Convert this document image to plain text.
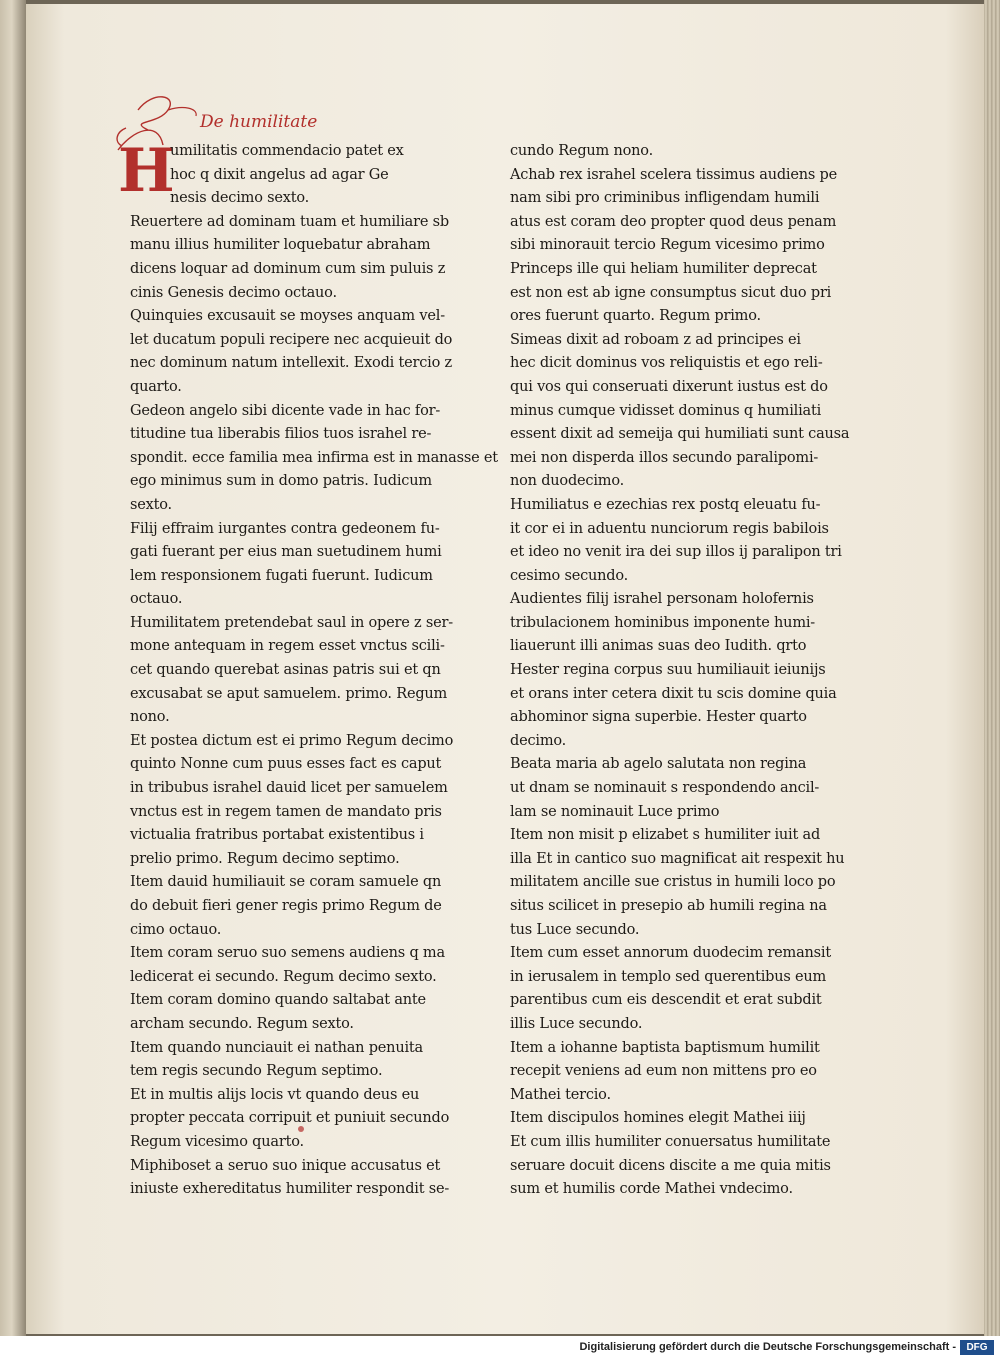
De humilitate

H
umilitatis commendacio patet ex
hoc q dixit angelus ad agar Ge
nesis decimo sexto.
Reuertere ad dominam tuam et humiliare sb
manu illius humiliter loquebatur abraham
dicens loquar ad dominum cum sim puluis z
cinis Genesis decimo octauo.
Quinquies excusauit se moyses anquam vel-
let ducatum populi recipere nec acquieuit do
nec dominum natum intellexit. Exodi tercio z
quarto.
Gedeon angelo sibi dicente vade in hac for-
titudine tua liberabis filios tuos israhel re-
spondit. ecce familia mea infirma est in manasse et
ego minimus sum in domo patris. Iudicum
sexto.
Filij effraim iurgantes contra gedeonem fu-
gati fuerant per eius man suetudinem humi
lem responsionem fugati fuerunt. Iudicum
octauo.
Humilitatem pretendebat saul in opere z ser-
mone antequam in regem esset vnctus scili-
cet quando querebat asinas patris sui et qn
excusabat se aput samuelem. primo. Regum
nono.
Et postea dictum est ei primo Regum decimo
quinto Nonne cum puus esses fact es caput
in tribubus israhel dauid licet per samuelem
vnctus est in regem tamen de mandato pris
victualia fratribus portabat existentibus i
prelio primo. Regum decimo septimo.
Item dauid humiliauit se coram samuele qn
do debuit fieri gener regis primo Regum de
cimo octauo.
Item coram seruo suo semens audiens q ma
ledicerat ei secundo. Regum decimo sexto.
Item coram domino quando saltabat ante
archam secundo. Regum sexto.
Item quando nunciauit ei nathan penuita
tem regis secundo Regum septimo.
Et in multis alijs locis vt quando deus eu
propter peccata corripuit et puniuit secundo
Regum vicesimo quarto.
Miphiboset a seruo suo inique accusatus et
iniuste exhereditatus humiliter respondit se-
cundo Regum nono.
Achab rex israhel scelera tissimus audiens pe
nam sibi pro criminibus infligendam humili
atus est coram deo propter quod deus penam
sibi minorauit tercio Regum vicesimo primo
Princeps ille qui heliam humiliter deprecat
est non est ab igne consumptus sicut duo pri
ores fuerunt quarto. Regum primo.
Simeas dixit ad roboam z ad principes ei
hec dicit dominus vos reliquistis et ego reli-
qui vos qui conseruati dixerunt iustus est do
minus cumque vidisset dominus q humiliati
essent dixit ad semeija qui humiliati sunt causa
mei non disperda illos secundo paralipomi-
non duodecimo.
Humiliatus e ezechias rex postq eleuatu fu-
it cor ei in aduentu nunciorum regis babilois
et ideo no venit ira dei sup illos ij paralipon tri
cesimo secundo.
Audientes filij israhel personam holofernis
tribulacionem hominibus imponente humi-
liauerunt illi animas suas deo Iudith. qrto
Hester regina corpus suu humiliauit ieiunijs
et orans inter cetera dixit tu scis domine quia
abhominor signa superbie. Hester quarto
decimo.
Beata maria ab agelo salutata non regina
ut dnam se nominauit s respondendo ancil-
lam se nominauit Luce primo
Item non misit p elizabet s humiliter iuit ad
illa Et in cantico suo magnificat ait respexit hu
militatem ancille sue cristus in humili loco po
situs scilicet in presepio ab humili regina na
tus Luce secundo.
Item cum esset annorum duodecim remansit
in ierusalem in templo sed querentibus eum
parentibus cum eis descendit et erat subdit
illis Luce secundo.
Item a iohanne baptista baptismum humilit
recepit veniens ad eum non mittens pro eo
Mathei tercio.
Item discipulos homines elegit Mathei iiij
Et cum illis humiliter conuersatus humilitate
seruare docuit dicens discite a me quia mitis
sum et humilis corde Mathei vndecimo.
Digitalisierung gefördert durch die Deutsche Forschungsgemeinschaft -	DFG
